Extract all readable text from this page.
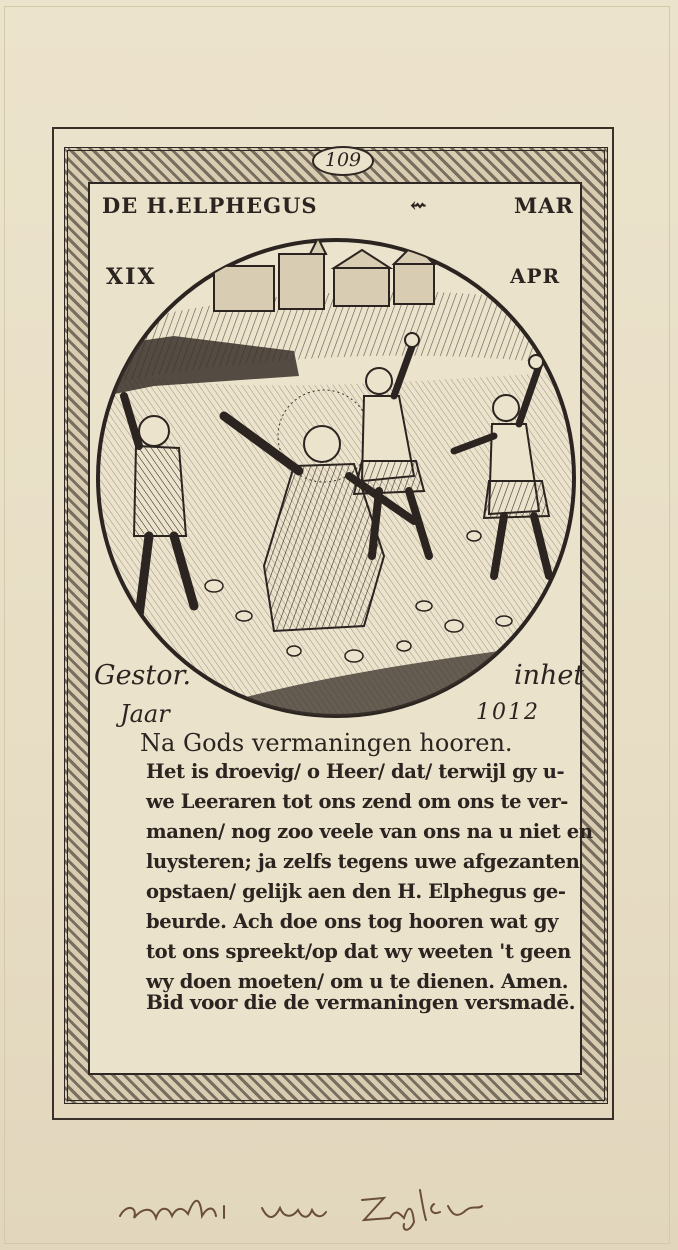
109
DE H.ELPHEGUS	⇜	MAR
XIX	APR
Gestor.	inhet
Jaar	1012
Na Gods vermaningen hooren.
Het is droevig/ o Heer/ dat/ terwijl gy u-
we Leeraren tot ons zend om ons te ver-
manen/ nog zoo veele van ons na u niet en
luysteren; ja zelfs tegens uwe afgezanten
opstaen/ gelijk aen den H. Elphegus ge-
beurde. Ach doe ons tog hooren wat gy
tot ons spreekt/op dat wy weeten 't geen
wy doen moeten/ om u te dienen. Amen.
Bid voor die de vermaningen versmadē.
